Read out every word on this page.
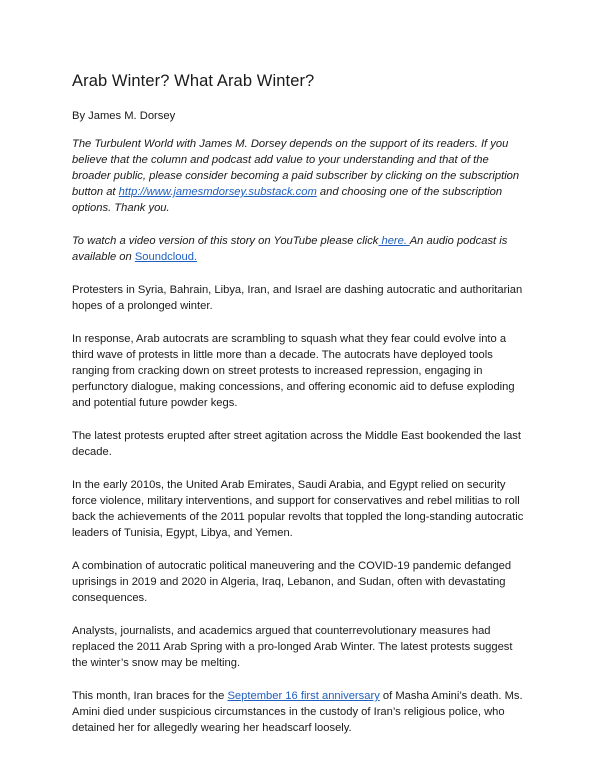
Arab Winter? What Arab Winter?

By James M. Dorsey

The Turbulent World with James M. Dorsey depends on the support of its readers. If you believe that the column and podcast add value to your understanding and that of the broader public, please consider becoming a paid subscriber by clicking on the subscription button at http://www.jamesmdorsey.substack.com and choosing one of the subscription options. Thank you.

To watch a video version of this story on YouTube please click here. An audio podcast is available on Soundcloud.

Protesters in Syria, Bahrain, Libya, Iran, and Israel are dashing autocratic and authoritarian hopes of a prolonged winter.

In response, Arab autocrats are scrambling to squash what they fear could evolve into a third wave of protests in little more than a decade. The autocrats have deployed tools ranging from cracking down on street protests to increased repression, engaging in perfunctory dialogue, making concessions, and offering economic aid to defuse exploding and potential future powder kegs.

The latest protests erupted after street agitation across the Middle East bookended the last decade.

In the early 2010s, the United Arab Emirates, Saudi Arabia, and Egypt relied on security force violence, military interventions, and support for conservatives and rebel militias to roll back the achievements of the 2011 popular revolts that toppled the long-standing autocratic leaders of Tunisia, Egypt, Libya, and Yemen.

A combination of autocratic political maneuvering and the COVID-19 pandemic defanged uprisings in 2019 and 2020 in Algeria, Iraq, Lebanon, and Sudan, often with devastating consequences.

Analysts, journalists, and academics argued that counterrevolutionary measures had replaced the 2011 Arab Spring with a pro-longed Arab Winter. The latest protests suggest the winter’s snow may be melting.

This month, Iran braces for the September 16 first anniversary of Masha Amini’s death. Ms. Amini died under suspicious circumstances in the custody of Iran’s religious police, who detained her for allegedly wearing her headscarf loosely.
